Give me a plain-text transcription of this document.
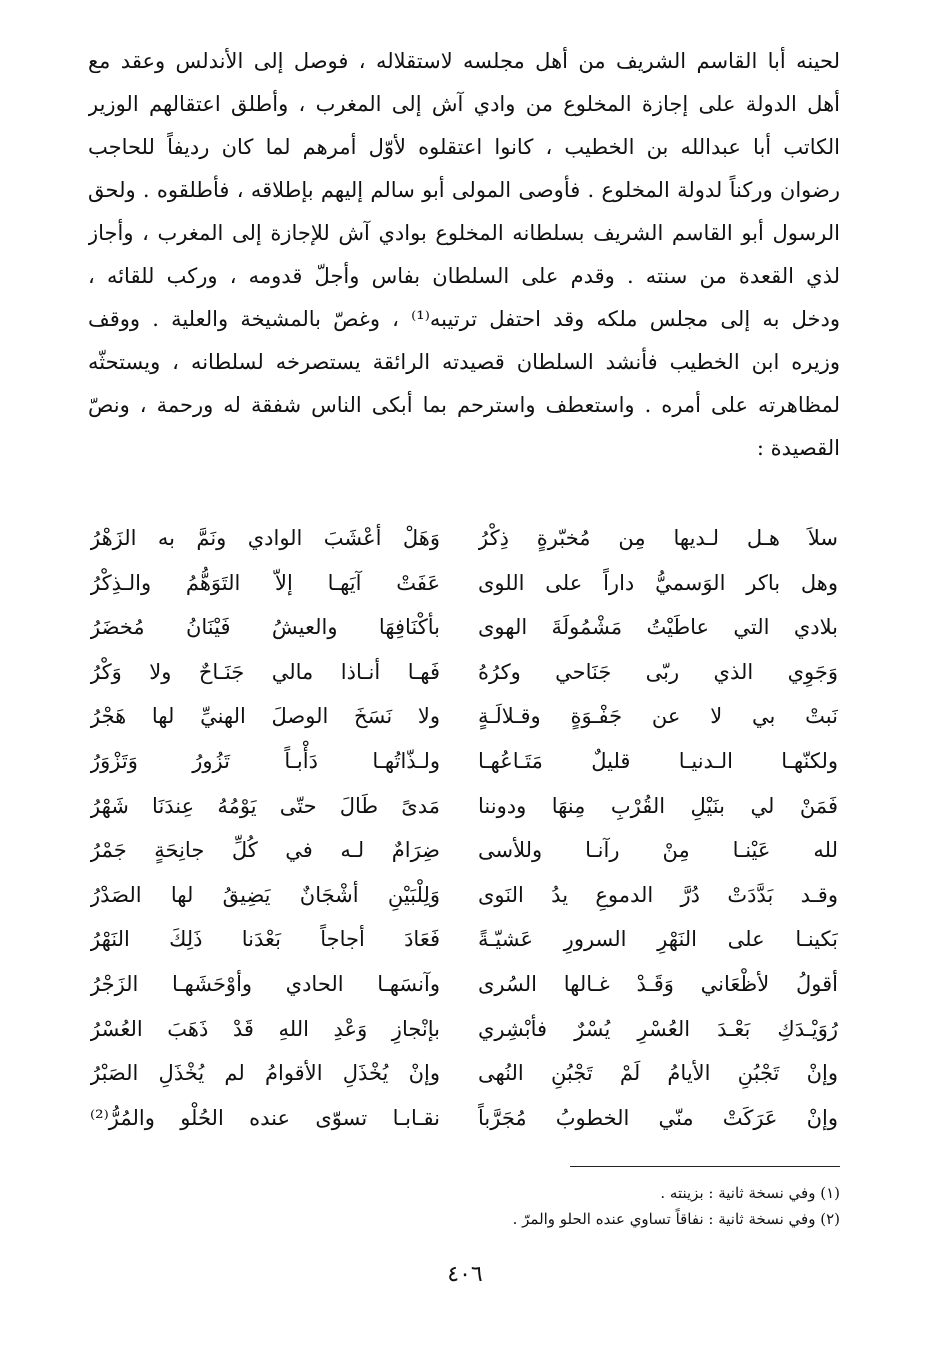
لحينه أبا القاسم الشريف من أهل مجلسه لاستقلاله ، فوصل إلى الأندلس وعقد مع
أهل الدولة على إجازة المخلوع من وادي آش إلى المغرب ، وأطلق اعتقالهم الوزير
الكاتب أبا عبدالله بن الخطيب ، كانوا اعتقلوه لأوّل أمرهم لما كان رديفاً للحاجب
رضوان وركناً لدولة المخلوع . فأوصى المولى أبو سالم إليهم بإطلاقه ، فأطلقوه . ولحق
الرسول أبو القاسم الشريف بسلطانه المخلوع بوادي آش للإجازة إلى المغرب ، وأجاز
لذي القعدة من سنته . وقدم على السلطان بفاس وأجلّ قدومه ، وركب للقائه ،
ودخل به إلى مجلس ملكه وقد احتفل ترتيبه⁽¹⁾ ، وغصّ بالمشيخة والعلية . ووقف
وزيره ابن الخطيب فأنشد السلطان قصيدته الرائقة يستصرخه لسلطانه ، ويستحثّه
لمظاهرته على أمره . واستعطف واسترحم بما أبكى الناس شفقة له ورحمة ، ونصّ
القصيدة :
سلاَ هـل لـديها مِن مُخبّرةٍ ذِكْرُ
وهل باكر الوَسميُّ داراً على اللوى
بلادي التي عاطَيْتُ مَشْمُولَةَ الهوى
وَجَوِي الذي ربّى جَنَاحي وكرُهُ
نَبتْ بي لا عن جَفْـوَةٍ وقـلالَـةٍ
ولكنّهـا الـدنيـا قليلٌ مَتَـاعُهـا
فَمَنْ لي بنَيْلِ القُرْبِ مِنهَا ودوننا
لله عَيْنـا مِنْ رآنـا وللأسى
وقـد بَدَّدَتْ دُرَّ الدموعِ يدُ النَوى
بَكينـا على النَهْرِ السرورِ عَشيّـةً
أقولُ لأظْعَاني وَقَـدْ غـالها السُرى
رُوَيْـدَكِ بَعْـدَ العُسْرِ يُسْرٌ فأبْشِري
وإنْ تَجْبُنِ الأيامُ لَمْ تَجْبُنِ النُهى
وإنْ عَرَكَتْ منّي الخطوبُ مُجَرَّباً
وَهَلْ أعْشَبَ الوادي ونَمَّ به الزَهْرُ
عَفَتْ آيَهـا إلاّ التَوَهُّمُ والـذِكْرُ
بأكْنَافِهَا والعيشُ فَيْنَانُ مُخضَرُ
فَهـا أنـاذا مالي جَنَـاحٌ ولا وَكْرُ
ولا نَسَخَ الوصلَ الهنيِّ لها هَجْرُ
ولـذّاتُهـا دَأْبـاً تَزُورُ وَتَزْوَرُ
مَدىً طَالَ حتّى يَوْمُهُ عِندَنَا شَهْرُ
ضِرَامٌ لـه في كُلِّ جانِحَةٍ جَمْرُ
وَلِلْبَيْنِ أشْجَانٌ يَضِيقُ لها الصَدْرُ
فَعَادَ أجاجاً بَعْدَنا ذَلِكَ النَهْرُ
وآنسَهـا الحادي وأوْحَشَهـا الزَجْرُ
بإنْجازِ وَعْدِ اللهِ قَدْ ذَهَبَ العُسْرُ
وإنْ يُخْذَلِ الأقوامُ لم يُخْذَلِ الصَبْرُ
نقـابـا تسوّى عنده الحُلْو والمُرُّ⁽²⁾
(١) وفي نسخة ثانية : بزينته .
(٢) وفي نسخة ثانية : نفاقاً تساوي عنده الحلو والمرّ .
٤٠٦
